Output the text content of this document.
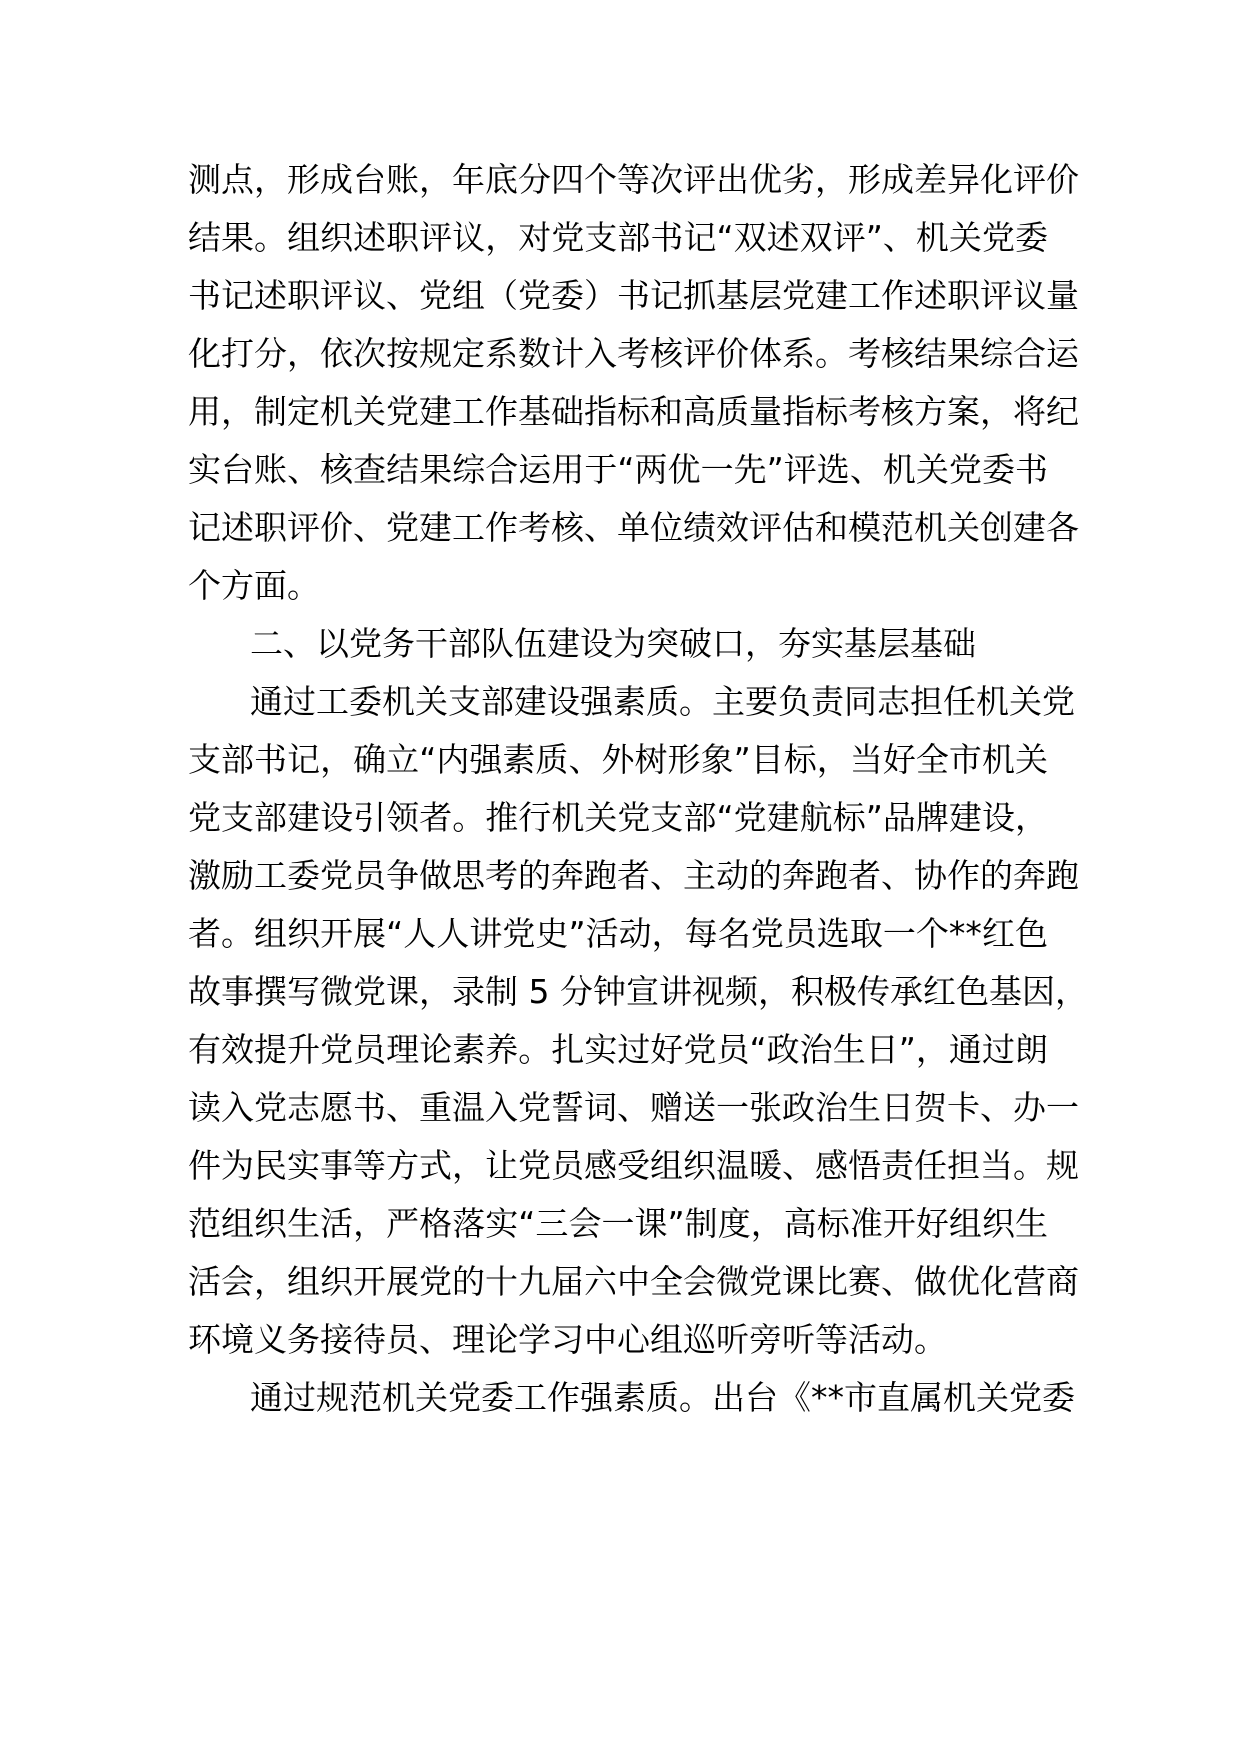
测点，形成台账，年底分四个等次评出优劣，形成差异化评价
结果。组织述职评议，对党支部书记“双述双评”、机关党委
书记述职评议、党组（党委）书记抓基层党建工作述职评议量
化打分，依次按规定系数计入考核评价体系。考核结果综合运
用，制定机关党建工作基础指标和高质量指标考核方案，将纪
实台账、核查结果综合运用于“两优一先”评选、机关党委书
记述职评价、党建工作考核、单位绩效评估和模范机关创建各
个方面。
二、以党务干部队伍建设为突破口，夯实基层基础
通过工委机关支部建设强素质。主要负责同志担任机关党
支部书记，确立“内强素质、外树形象”目标，当好全市机关
党支部建设引领者。推行机关党支部“党建航标”品牌建设，
激励工委党员争做思考的奔跑者、主动的奔跑者、协作的奔跑
者。组织开展“人人讲党史”活动，每名党员选取一个**红色
故事撰写微党课，录制 5 分钟宣讲视频，积极传承红色基因，
有效提升党员理论素养。扎实过好党员“政治生日”，通过朗
读入党志愿书、重温入党誓词、赠送一张政治生日贺卡、办一
件为民实事等方式，让党员感受组织温暖、感悟责任担当。规
范组织生活，严格落实“三会一课”制度，高标准开好组织生
活会，组织开展党的十九届六中全会微党课比赛、做优化营商
环境义务接待员、理论学习中心组巡听旁听等活动。
通过规范机关党委工作强素质。出台《**市直属机关党委
